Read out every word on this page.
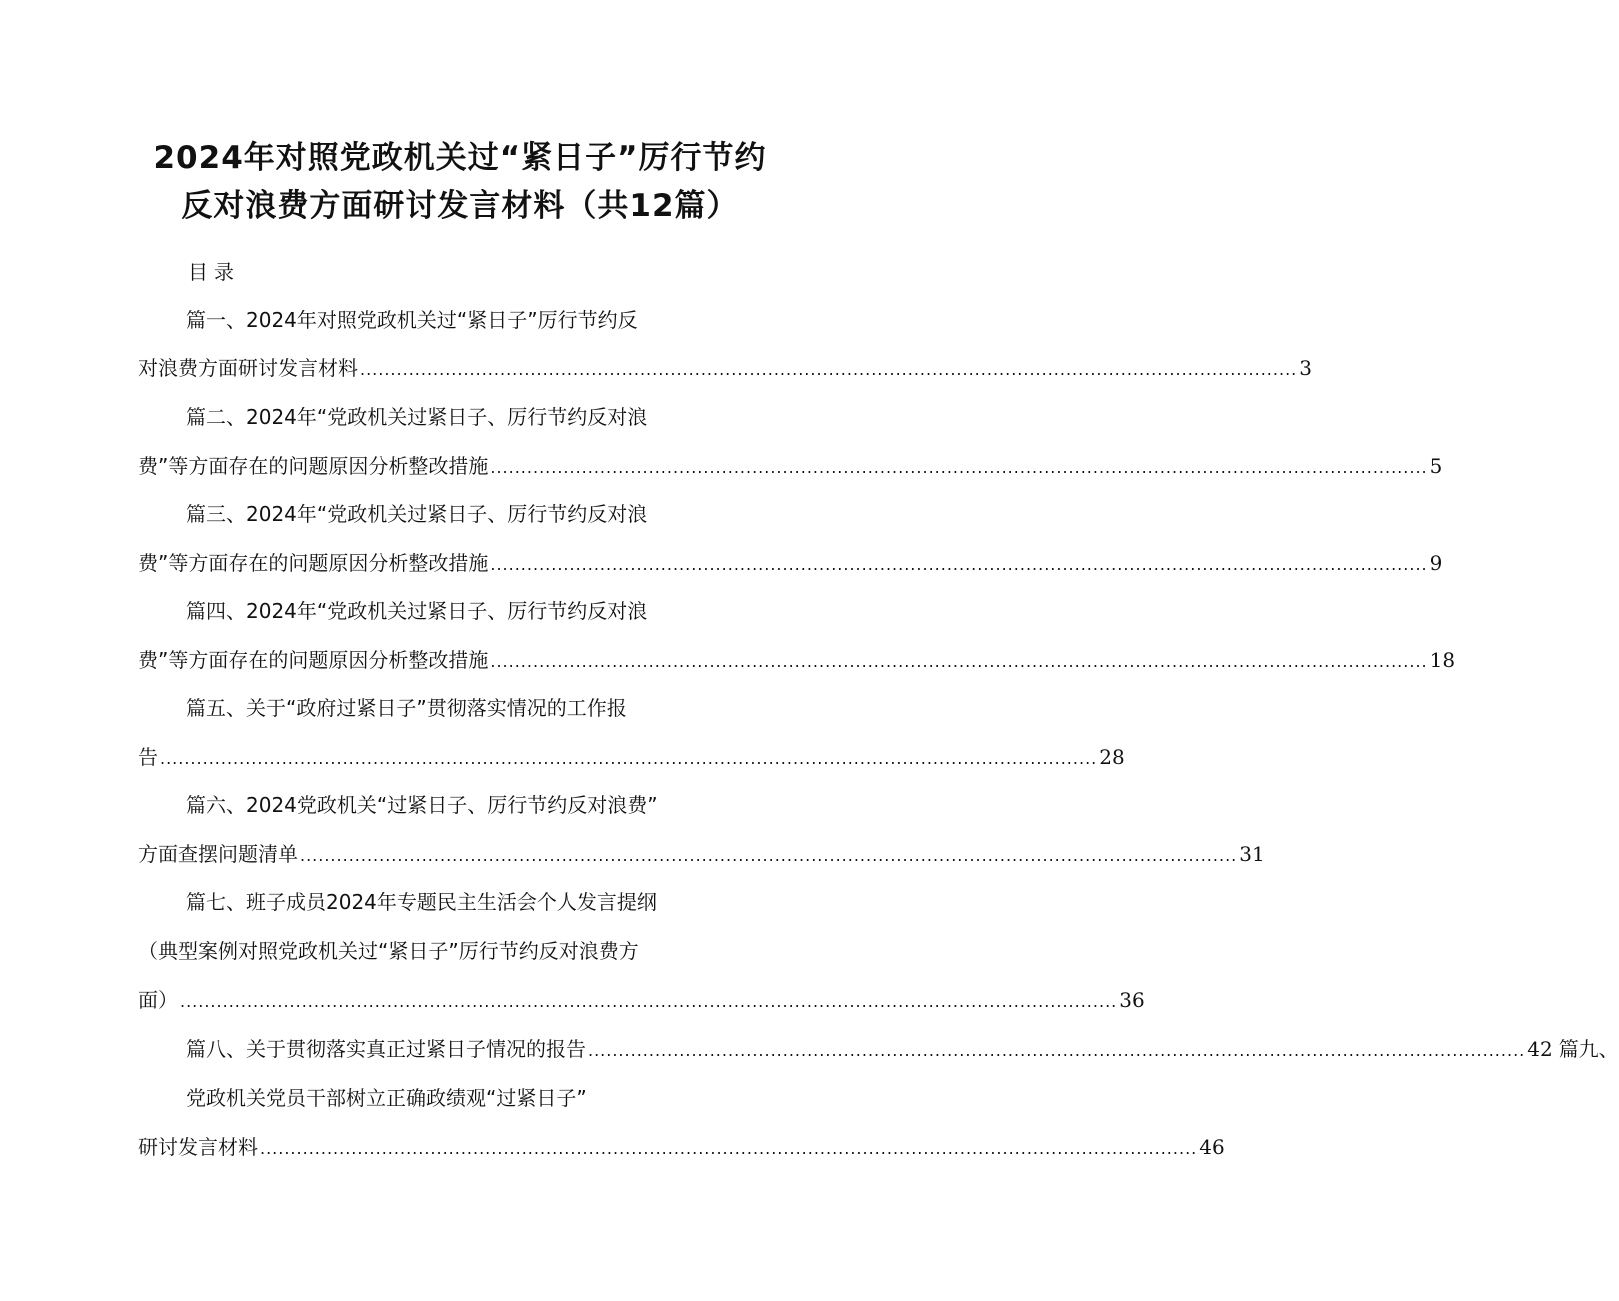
2024年对照党政机关过“紧日子”厉行节约
反对浪费方面研讨发言材料（共12篇）
目录
篇一、2024年对照党政机关过“紧日子”厉行节约反
对浪费方面研讨发言材料 .......................................................................................................................................................... 3
篇二、2024年“党政机关过紧日子、厉行节约反对浪
费”等方面存在的问题原因分析整改措施 .......................................................................................................................................................... 5
篇三、2024年“党政机关过紧日子、厉行节约反对浪
费”等方面存在的问题原因分析整改措施 .......................................................................................................................................................... 9
篇四、2024年“党政机关过紧日子、厉行节约反对浪
费”等方面存在的问题原因分析整改措施 .......................................................................................................................................................... 18
篇五、关于“政府过紧日子”贯彻落实情况的工作报
告 .......................................................................................................................................................... 28
篇六、2024党政机关“过紧日子、厉行节约反对浪费”
方面查摆问题清单 .......................................................................................................................................................... 31
篇七、班子成员2024年专题民主生活会个人发言提纲
（典型案例对照党政机关过“紧日子”厉行节约反对浪费方
面） .......................................................................................................................................................... 36
篇八、关于贯彻落实真正过紧日子情况的报告 .......................................................................................................................................................... 42 篇九、
党政机关党员干部树立正确政绩观“过紧日子”
研讨发言材料 .......................................................................................................................................................... 46
